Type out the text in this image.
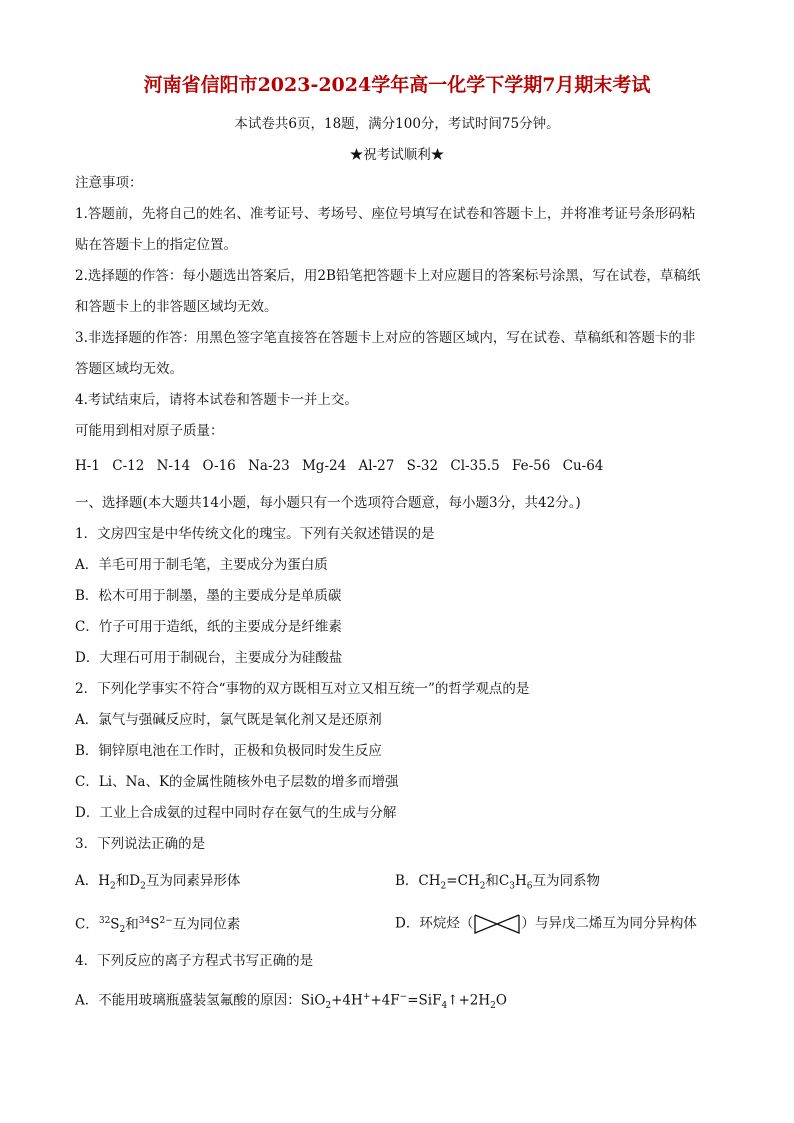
河南省信阳市2023-2024学年高一化学下学期7月期末考试
本试卷共6页，18题，满分100分，考试时间75分钟。
★祝考试顺利★
注意事项：
1.答题前，先将自己的姓名、准考证号、考场号、座位号填写在试卷和答题卡上，并将准考证号条形码粘
贴在答题卡上的指定位置。
2.选择题的作答：每小题选出答案后，用2B铅笔把答题卡上对应题目的答案标号涂黑，写在试卷，草稿纸
和答题卡上的非答题区域均无效。
3.非选择题的作答：用黑色签字笔直接答在答题卡上对应的答题区域内，写在试卷、草稿纸和答题卡的非
答题区域均无效。
4.考试结束后，请将本试卷和答题卡一并上交。
可能用到相对原子质量：
H-1 C-12 N-14 O-16 Na-23 Mg-24 Al-27 S-32 Cl-35.5 Fe-56 Cu-64
一、选择题(本大题共14小题，每小题只有一个选项符合题意，每小题3分，共42分。)
1．文房四宝是中华传统文化的瑰宝。下列有关叙述错误的是
A．羊毛可用于制毛笔，主要成分为蛋白质
B．松木可用于制墨，墨的主要成分是单质碳
C．竹子可用于造纸，纸的主要成分是纤维素
D．大理石可用于制砚台，主要成分为硅酸盐
2．下列化学事实不符合“事物的双方既相互对立又相互统一”的哲学观点的是
A．氯气与强碱反应时，氯气既是氧化剂又是还原剂
B．铜锌原电池在工作时，正极和负极同时发生反应
C．Li、Na、K的金属性随核外电子层数的增多而增强
D．工业上合成氨的过程中同时存在氨气的生成与分解
3．下列说法正确的是
A．$H_2$和$D_2$互为同素异形体	B．$CH_2=CH_2$和$C_3H_6$互为同系物
C．$^{32}S_2$和$^{34}S^{2-}$互为同位素	D．环烷烃（	）与异戊二烯互为同分异构体
4．下列反应的离子方程式书写正确的是
A．不能用玻璃瓶盛装氢氟酸的原因：$SiO_2+4H^++4F^-=SiF_4↑+2H_2O$
